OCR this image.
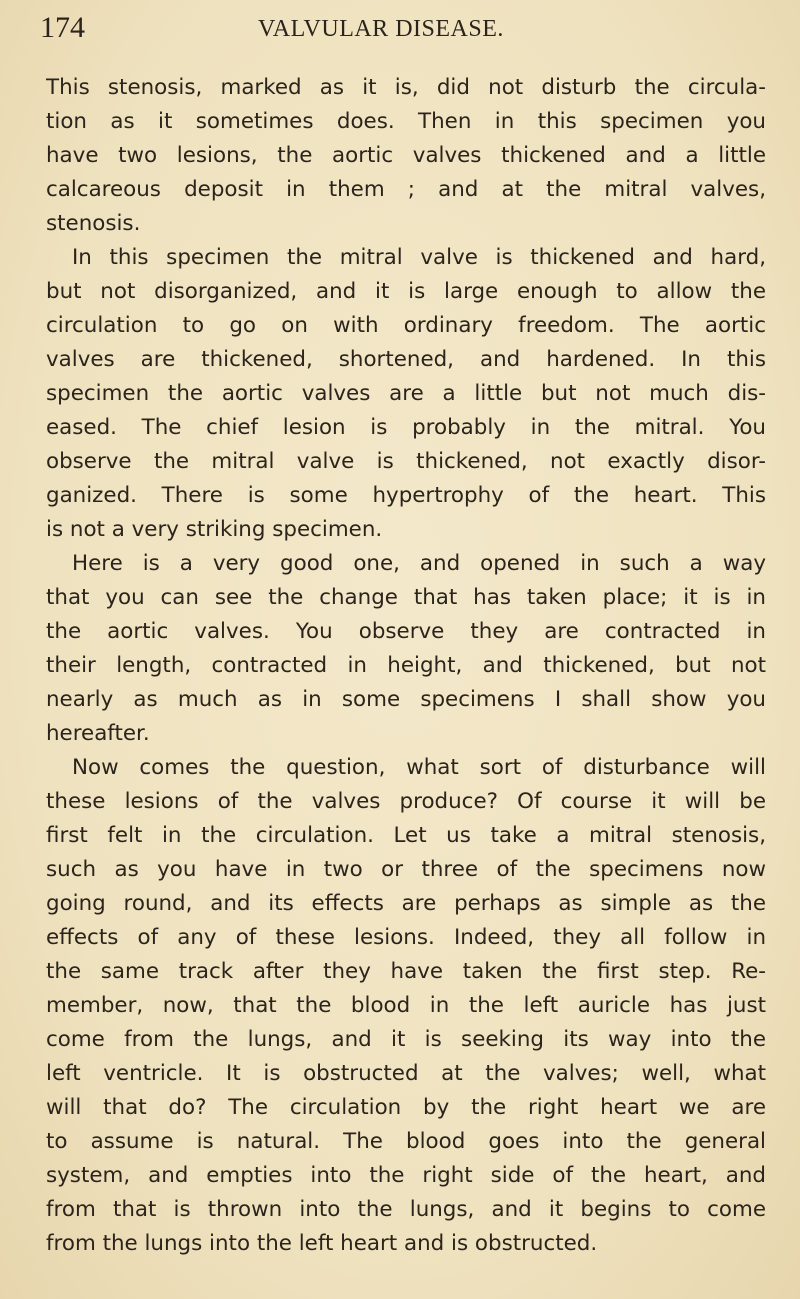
174	VALVULAR DISEASE.
This stenosis, marked as it is, did not disturb the circula-
tion as it sometimes does. Then in this specimen you
have two lesions, the aortic valves thickened and a little
calcareous deposit in them ; and at the mitral valves,
stenosis.
In this specimen the mitral valve is thickened and hard,
but not disorganized, and it is large enough to allow the
circulation to go on with ordinary freedom. The aortic
valves are thickened, shortened, and hardened. In this
specimen the aortic valves are a little but not much dis-
eased. The chief lesion is probably in the mitral. You
observe the mitral valve is thickened, not exactly disor-
ganized. There is some hypertrophy of the heart. This
is not a very striking specimen.
Here is a very good one, and opened in such a way
that you can see the change that has taken place; it is in
the aortic valves. You observe they are contracted in
their length, contracted in height, and thickened, but not
nearly as much as in some specimens I shall show you
hereafter.
Now comes the question, what sort of disturbance will
these lesions of the valves produce? Of course it will be
first felt in the circulation. Let us take a mitral stenosis,
such as you have in two or three of the specimens now
going round, and its effects are perhaps as simple as the
effects of any of these lesions. Indeed, they all follow in
the same track after they have taken the first step. Re-
member, now, that the blood in the left auricle has just
come from the lungs, and it is seeking its way into the
left ventricle. It is obstructed at the valves; well, what
will that do? The circulation by the right heart we are
to assume is natural. The blood goes into the general
system, and empties into the right side of the heart, and
from that is thrown into the lungs, and it begins to come
from the lungs into the left heart and is obstructed.
